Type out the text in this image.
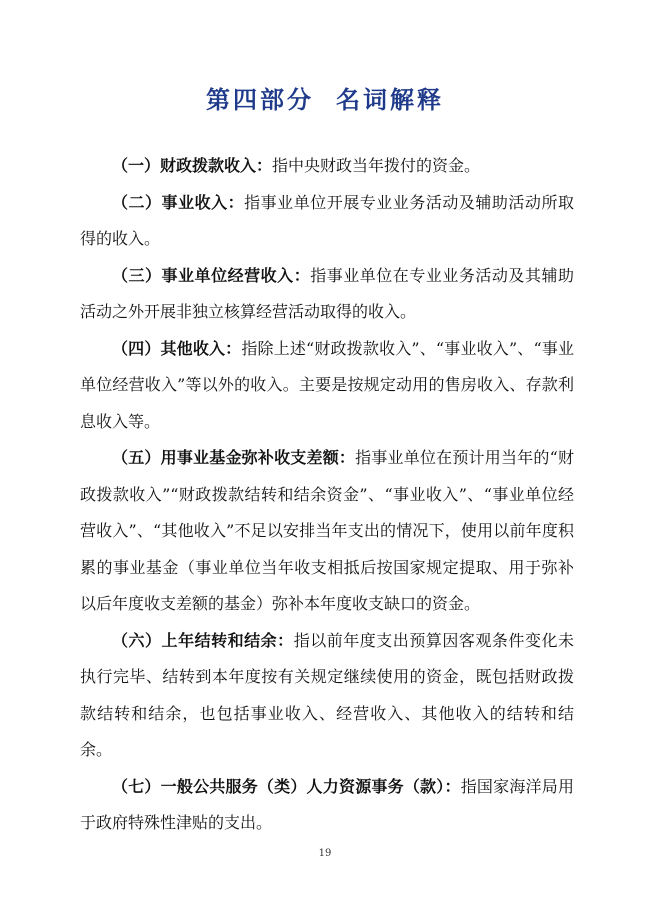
第四部分 名词解释

（一）财政拨款收入：指中央财政当年拨付的资金。

（二）事业收入：指事业单位开展专业业务活动及辅助活动所取得的收入。

（三）事业单位经营收入：指事业单位在专业业务活动及其辅助活动之外开展非独立核算经营活动取得的收入。

（四）其他收入：指除上述“财政拨款收入”、“事业收入”、“事业单位经营收入”等以外的收入。主要是按规定动用的售房收入、存款利息收入等。

（五）用事业基金弥补收支差额：指事业单位在预计用当年的“财政拨款收入”“财政拨款结转和结余资金”、“事业收入”、“事业单位经营收入”、“其他收入”不足以安排当年支出的情况下，使用以前年度积累的事业基金（事业单位当年收支相抵后按国家规定提取、用于弥补以后年度收支差额的基金）弥补本年度收支缺口的资金。

（六）上年结转和结余：指以前年度支出预算因客观条件变化未执行完毕、结转到本年度按有关规定继续使用的资金，既包括财政拨款结转和结余，也包括事业收入、经营收入、其他收入的结转和结余。

（七）一般公共服务（类）人力资源事务（款）：指国家海洋局用于政府特殊性津贴的支出。

19
